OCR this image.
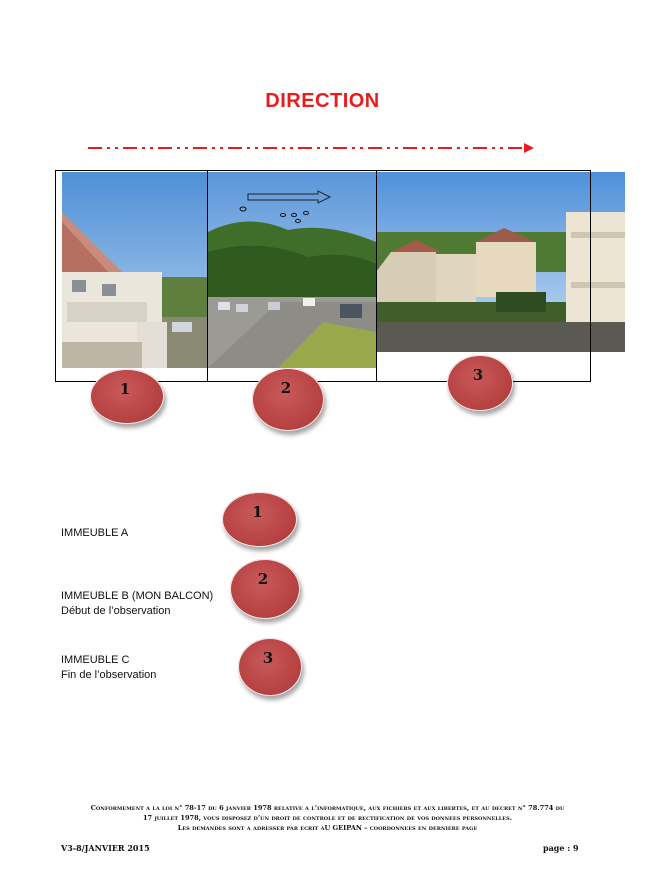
DIRECTION
1	2
3
IMMEUBLE A
1
IMMEUBLE B (MON BALCON)
Début de l’observation
2
IMMEUBLE C
Fin de l’observation
3
Conformement a la loi n° 78-17 du 6 janvier 1978 relative a l’informatique, aux fichiers et aux libertes, et au decret n° 78.774 du
17 juillet 1978, vous disposez d’un droit de controle et de rectification de vos donnees personnelles.
Les demandes sont a adresser par ecrit aU GEIPAN – coordonnees en derniere page
V3-8/JANVIER 2015	page : 9
